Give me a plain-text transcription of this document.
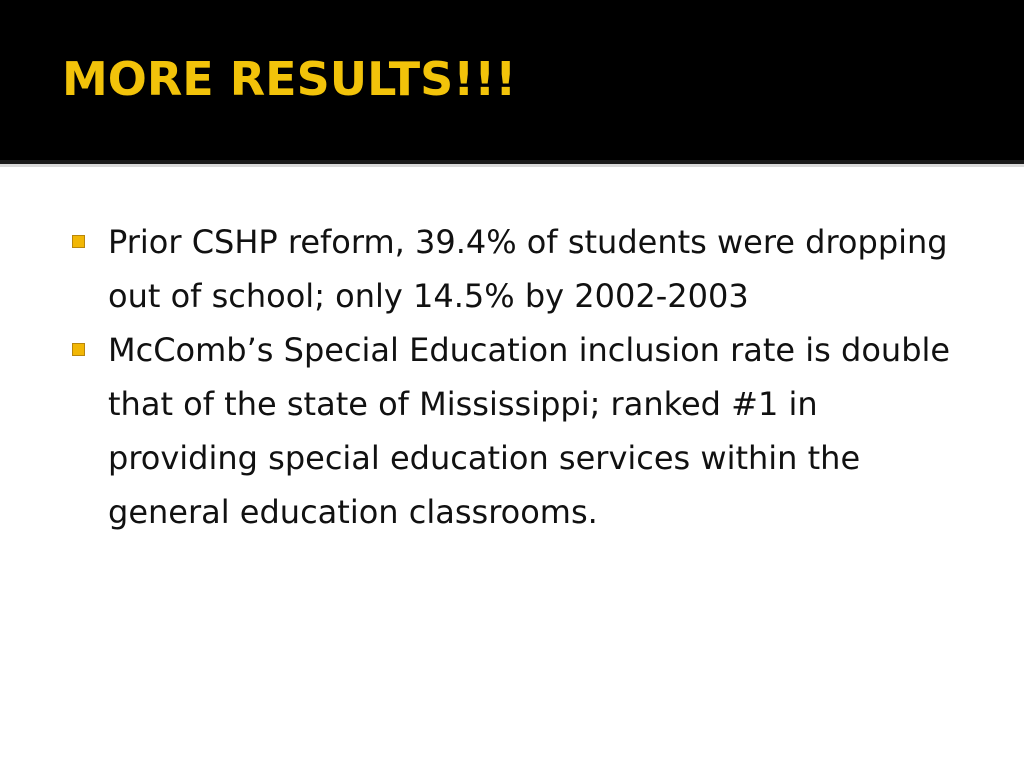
MORE RESULTS!!!
Prior CSHP reform, 39.4% of students were dropping out of school; only 14.5% by 2002-2003
McComb’s Special Education inclusion rate is double that of the state of Mississippi; ranked #1 in providing special education services within the general education classrooms.
